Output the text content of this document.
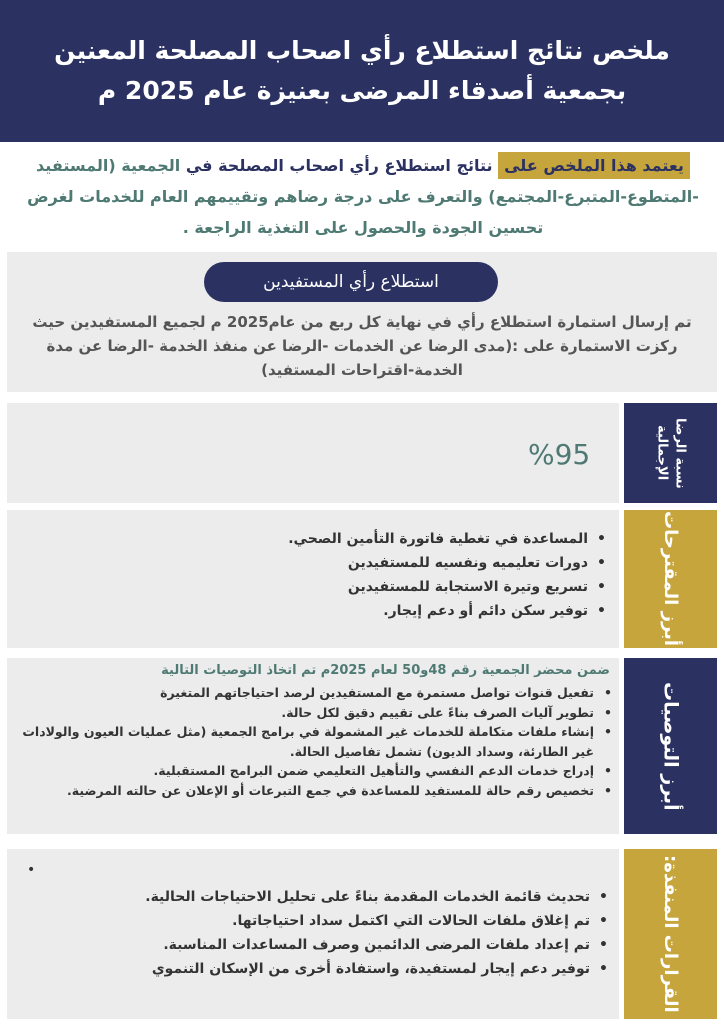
ملخص نتائج استطلاع رأي اصحاب المصلحة المعنين
بجمعية أصدقاء المرضى بعنيزة عام 2025 م
يعتمد هذا الملخص على نتائج استطلاع رأي اصحاب المصلحة في الجمعية (المستفيد -المتطوع-المتبرع-المجتمع) والتعرف على درجة رضاهم وتقييمهم العام للخدمات لغرض تحسين الجودة والحصول على التغذية الراجعة .
استطلاع رأي المستفيدين
تم إرسال استمارة استطلاع رأي في نهاية كل ربع من عام2025 م لجميع المستفيدين حيث ركزت الاستمارة على :(مدى الرضا عن الخدمات -الرضا عن منفذ الخدمة -الرضا عن مدة الخدمة-اقتراحات المستفيد)
%95	نسبة الرضا الإجمالية
• المساعدة في تغطية فاتورة التأمين الصحي.
• دورات تعليميه ونفسيه للمستفيدين
• تسريع وتيرة الاستجابة للمستفيدين
• توفير سكن دائم أو دعم إيجار.	أبرز المقترحات
ضمن محضر الجمعية رقم 48و50 لعام 2025م تم اتخاذ التوصيات التالية
• تفعيل قنوات تواصل مستمرة مع المستفيدين لرصد احتياجاتهم المتغيرة
• تطوير آليات الصرف بناءً على تقييم دقيق لكل حالة.
• إنشاء ملفات متكاملة للخدمات غير المشمولة في برامج الجمعية (مثل عمليات العيون والولادات غير الطارئة، وسداد الديون) تشمل تفاصيل الحالة.
• إدراج خدمات الدعم النفسي والتأهيل التعليمي ضمن البرامج المستقبلية.
• تخصيص رقم حالة للمستفيد للمساعدة في جمع التبرعات أو الإعلان عن حالته المرضية.	أبرز التوصيات
•
• تحديث قائمة الخدمات المقدمة بناءً على تحليل الاحتياجات الحالية.
• تم إغلاق ملفات الحالات التي اكتمل سداد احتياجاتها.
• تم إعداد ملفات المرضى الدائمين وصرف المساعدات المناسبة.
• توفير دعم إيجار لمستفيدة، واستفادة أخرى من الإسكان التنموي	القرارات المنفذة:
